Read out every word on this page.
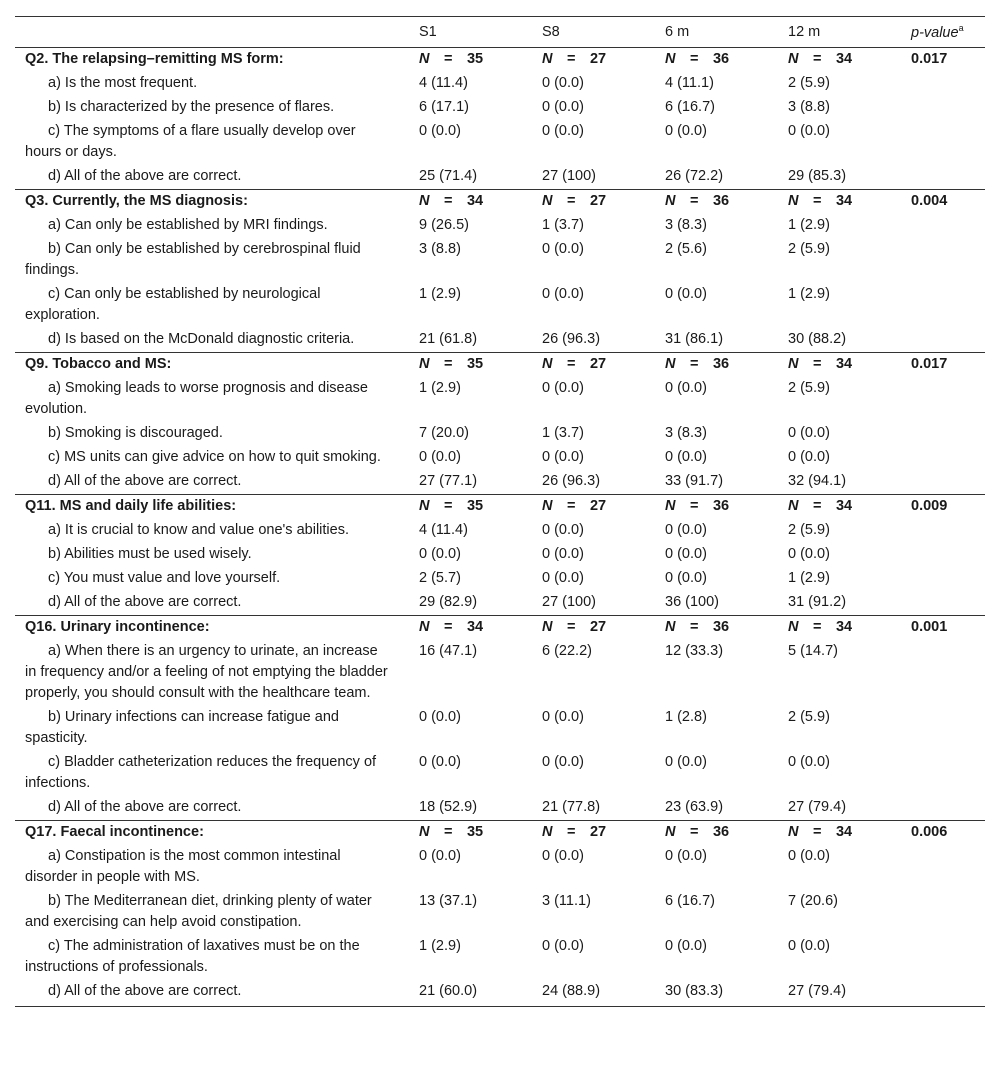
	S1	S8	6 m	12 m	p-value$^a$
Q2. The relapsing–remitting MS form:	N = 35	N = 27	N = 36	N = 34	0.017

a) Is the most frequent.	4 (11.4)	0 (0.0)	4 (11.1)	2 (5.9)	

b) Is characterized by the presence of flares.	6 (17.1)	0 (0.0)	6 (16.7)	3 (8.8)	

c) The symptoms of a flare usually develop over hours or days.	0 (0.0)	0 (0.0)	0 (0.0)	0 (0.0)	

d) All of the above are correct.	25 (71.4)	27 (100)	26 (72.2)	29 (85.3)	
Q3. Currently, the MS diagnosis:	N = 34	N = 27	N = 36	N = 34	0.004

a) Can only be established by MRI findings.	9 (26.5)	1 (3.7)	3 (8.3)	1 (2.9)	

b) Can only be established by cerebrospinal fluid findings.	3 (8.8)	0 (0.0)	2 (5.6)	2 (5.9)	

c) Can only be established by neurological exploration.	1 (2.9)	0 (0.0)	0 (0.0)	1 (2.9)	

d) Is based on the McDonald diagnostic criteria.	21 (61.8)	26 (96.3)	31 (86.1)	30 (88.2)	
Q9. Tobacco and MS:	N = 35	N = 27	N = 36	N = 34	0.017

a) Smoking leads to worse prognosis and disease evolution.	1 (2.9)	0 (0.0)	0 (0.0)	2 (5.9)	

b) Smoking is discouraged.	7 (20.0)	1 (3.7)	3 (8.3)	0 (0.0)	

c) MS units can give advice on how to quit smoking.	0 (0.0)	0 (0.0)	0 (0.0)	0 (0.0)	

d) All of the above are correct.	27 (77.1)	26 (96.3)	33 (91.7)	32 (94.1)	
Q11. MS and daily life abilities:	N = 35	N = 27	N = 36	N = 34	0.009

a) It is crucial to know and value one's abilities.	4 (11.4)	0 (0.0)	0 (0.0)	2 (5.9)	

b) Abilities must be used wisely.	0 (0.0)	0 (0.0)	0 (0.0)	0 (0.0)	

c) You must value and love yourself.	2 (5.7)	0 (0.0)	0 (0.0)	1 (2.9)	

d) All of the above are correct.	29 (82.9)	27 (100)	36 (100)	31 (91.2)	
Q16. Urinary incontinence:	N = 34	N = 27	N = 36	N = 34	0.001

a) When there is an urgency to urinate, an increase in frequency and/or a feeling of not emptying the bladder properly, you should consult with the healthcare team.	16 (47.1)	6 (22.2)	12 (33.3)	5 (14.7)	

b) Urinary infections can increase fatigue and spasticity.	0 (0.0)	0 (0.0)	1 (2.8)	2 (5.9)	

c) Bladder catheterization reduces the frequency of infections.	0 (0.0)	0 (0.0)	0 (0.0)	0 (0.0)	

d) All of the above are correct.	18 (52.9)	21 (77.8)	23 (63.9)	27 (79.4)	
Q17. Faecal incontinence:	N = 35	N = 27	N = 36	N = 34	0.006

a) Constipation is the most common intestinal disorder in people with MS.	0 (0.0)	0 (0.0)	0 (0.0)	0 (0.0)	

b) The Mediterranean diet, drinking plenty of water and exercising can help avoid constipation.	13 (37.1)	3 (11.1)	6 (16.7)	7 (20.6)	

c) The administration of laxatives must be on the instructions of professionals.	1 (2.9)	0 (0.0)	0 (0.0)	0 (0.0)	

d) All of the above are correct.	21 (60.0)	24 (88.9)	30 (83.3)	27 (79.4)	
